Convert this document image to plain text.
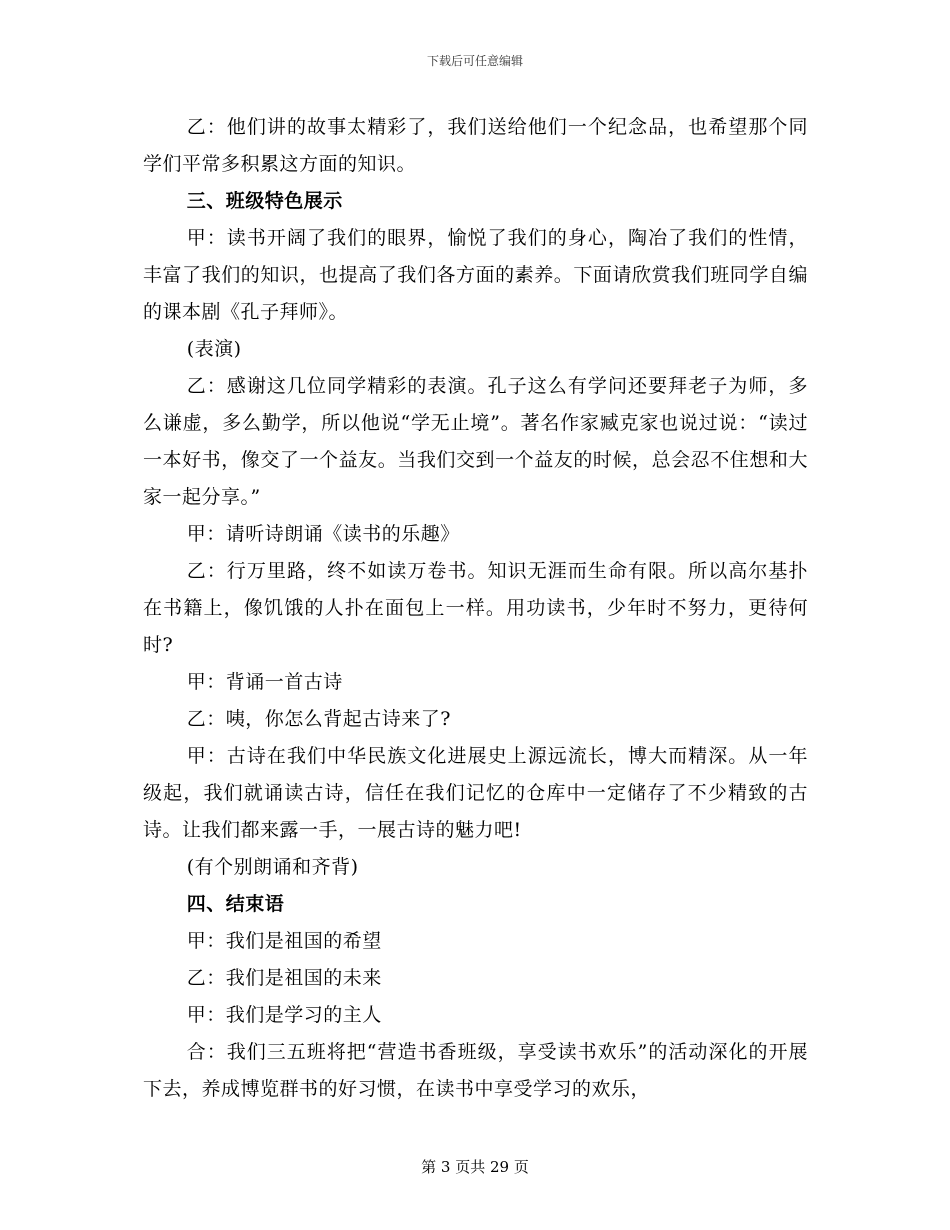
下载后可任意编辑

乙：他们讲的故事太精彩了，我们送给他们一个纪念品，也希望那个同学们平常多积累这方面的知识。

三、班级特色展示

甲：读书开阔了我们的眼界，愉悦了我们的身心，陶冶了我们的性情，丰富了我们的知识，也提高了我们各方面的素养。下面请欣赏我们班同学自编的课本剧《孔子拜师》。

(表演)

乙：感谢这几位同学精彩的表演。孔子这么有学问还要拜老子为师，多么谦虚，多么勤学，所以他说“学无止境”。著名作家臧克家也说过说：“读过一本好书，像交了一个益友。当我们交到一个益友的时候，总会忍不住想和大家一起分享。”

甲：请听诗朗诵《读书的乐趣》

乙：行万里路，终不如读万卷书。知识无涯而生命有限。所以高尔基扑在书籍上，像饥饿的人扑在面包上一样。用功读书，少年时不努力，更待何时?

甲：背诵一首古诗

乙：咦，你怎么背起古诗来了?

甲：古诗在我们中华民族文化进展史上源远流长，博大而精深。从一年级起，我们就诵读古诗，信任在我们记忆的仓库中一定储存了不少精致的古诗。让我们都来露一手，一展古诗的魅力吧!

(有个别朗诵和齐背)

四、结束语

甲：我们是祖国的希望

乙：我们是祖国的未来

甲：我们是学习的主人

合：我们三五班将把“营造书香班级，享受读书欢乐”的活动深化的开展下去，养成博览群书的好习惯，在读书中享受学习的欢乐，

第 3 页共 29 页
